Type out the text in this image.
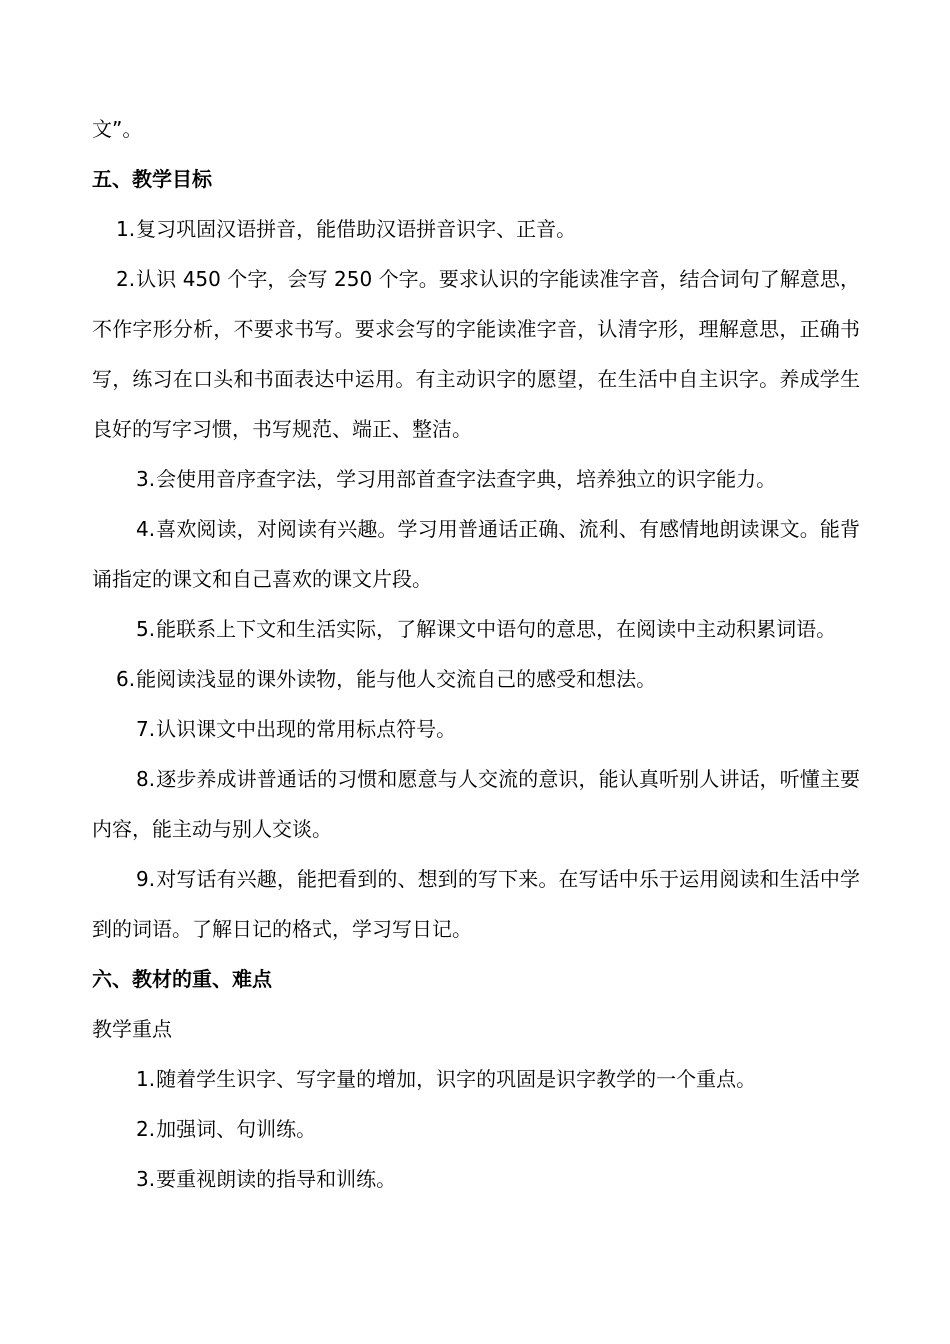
文”。

五、教学目标

1.复习巩固汉语拼音，能借助汉语拼音识字、正音。

2.认识 450 个字，会写 250 个字。要求认识的字能读准字音，结合词句了解意思，不作字形分析，不要求书写。要求会写的字能读准字音，认清字形，理解意思，正确书写，练习在口头和书面表达中运用。有主动识字的愿望，在生活中自主识字。养成学生良好的写字习惯，书写规范、端正、整洁。

3.会使用音序查字法，学习用部首查字法查字典，培养独立的识字能力。

4.喜欢阅读，对阅读有兴趣。学习用普通话正确、流利、有感情地朗读课文。能背诵指定的课文和自己喜欢的课文片段。

5.能联系上下文和生活实际，了解课文中语句的意思，在阅读中主动积累词语。

6.能阅读浅显的课外读物，能与他人交流自己的感受和想法。

7.认识课文中出现的常用标点符号。

8.逐步养成讲普通话的习惯和愿意与人交流的意识，能认真听别人讲话，听懂主要内容，能主动与别人交谈。

9.对写话有兴趣，能把看到的、想到的写下来。在写话中乐于运用阅读和生活中学到的词语。了解日记的格式，学习写日记。

六、教材的重、难点

教学重点

1.随着学生识字、写字量的增加，识字的巩固是识字教学的一个重点。

2.加强词、句训练。

3.要重视朗读的指导和训练。
